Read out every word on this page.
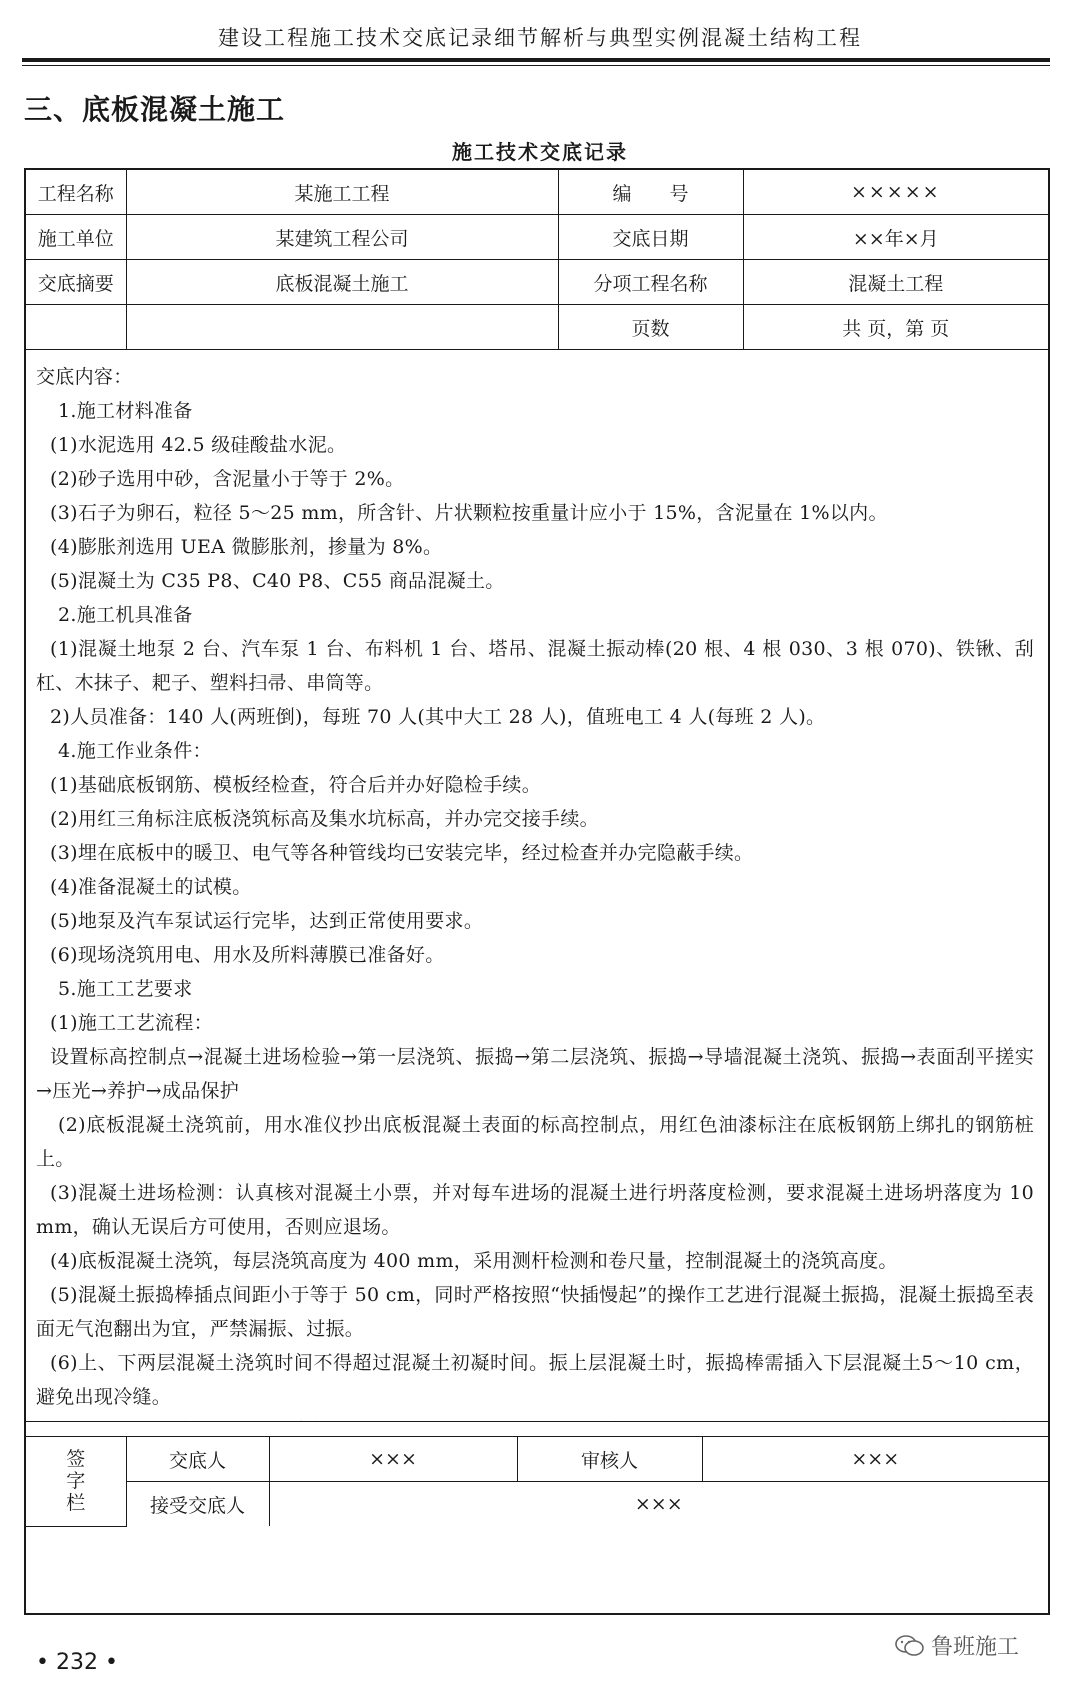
建设工程施工技术交底记录细节解析与典型实例混凝土结构工程
三、底板混凝土施工
施工技术交底记录
工程名称	某施工工程	编　　号	×××××
施工单位	某建筑工程公司	交底日期	××年×月
交底摘要	底板混凝土施工	分项工程名称	混凝土工程
		页数	共 页，第 页

交底内容：

1.施工材料准备

(1)水泥选用 42.5 级硅酸盐水泥。

(2)砂子选用中砂，含泥量小于等于 2%。

(3)石子为卵石，粒径 5～25 mm，所含针、片状颗粒按重量计应小于 15%，含泥量在 1%以内。

(4)膨胀剂选用 UEA 微膨胀剂，掺量为 8%。

(5)混凝土为 C35 P8、C40 P8、C55 商品混凝土。

2.施工机具准备

(1)混凝土地泵 2 台、汽车泵 1 台、布料机 1 台、塔吊、混凝土振动棒(20 根、4 根 030、3 根 070)、铁锹、刮杠、木抹子、耙子、塑料扫帚、串筒等。

2)人员准备：140 人(两班倒)，每班 70 人(其中大工 28 人)，值班电工 4 人(每班 2 人)。

4.施工作业条件：

(1)基础底板钢筋、模板经检查，符合后并办好隐检手续。

(2)用红三角标注底板浇筑标高及集水坑标高，并办完交接手续。

(3)埋在底板中的暖卫、电气等各种管线均已安装完毕，经过检查并办完隐蔽手续。

(4)准备混凝土的试模。

(5)地泵及汽车泵试运行完毕，达到正常使用要求。

(6)现场浇筑用电、用水及所料薄膜已准备好。

5.施工工艺要求

(1)施工工艺流程：

设置标高控制点→混凝土进场检验→第一层浇筑、振捣→第二层浇筑、振捣→导墙混凝土浇筑、振捣→表面刮平搓实→压光→养护→成品保护

(2)底板混凝土浇筑前，用水准仪抄出底板混凝土表面的标高控制点，用红色油漆标注在底板钢筋上绑扎的钢筋桩上。

(3)混凝土进场检测：认真核对混凝土小票，并对每车进场的混凝土进行坍落度检测，要求混凝土进场坍落度为 10 mm，确认无误后方可使用，否则应退场。

(4)底板混凝土浇筑，每层浇筑高度为 400 mm，采用测杆检测和卷尺量，控制混凝土的浇筑高度。

(5)混凝土振捣棒插点间距小于等于 50 cm，同时严格按照“快插慢起”的操作工艺进行混凝土振捣，混凝土振捣至表面无气泡翻出为宜，严禁漏振、过振。

(6)上、下两层混凝土浇筑时间不得超过混凝土初凝时间。振上层混凝土时，振捣棒需插入下层混凝土5～10 cm，避免出现冷缝。

签
字
栏	交底人	×××	审核人	×××
	接受交底人	×××		
• 232 •
鲁班施工
